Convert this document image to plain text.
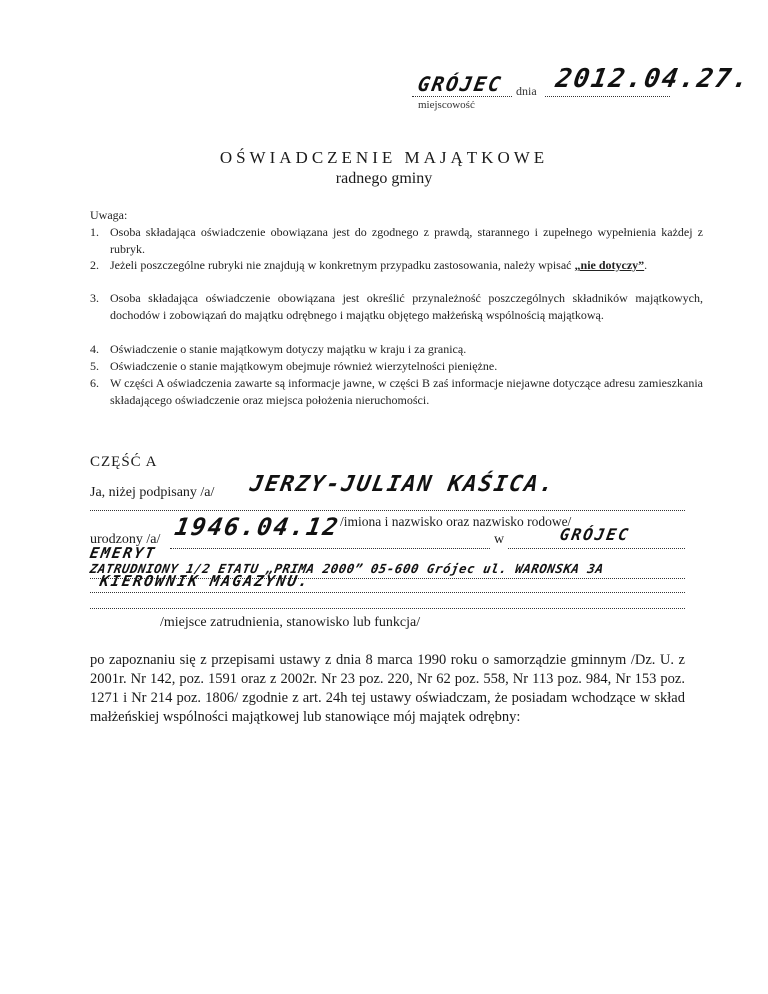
GRÓJEC dnia 2012.04.27.
miejscowość
OŚWIADCZENIE MAJĄTKOWE
radnego gminy
Uwaga:
1. Osoba składająca oświadczenie obowiązana jest do zgodnego z prawdą, starannego i zupełnego wypełnienia każdej z rubryk.
2. Jeżeli poszczególne rubryki nie znajdują w konkretnym przypadku zastosowania, należy wpisać „nie dotyczy”.
3. Osoba składająca oświadczenie obowiązana jest określić przynależność poszczególnych składników majątkowych, dochodów i zobowiązań do majątku odrębnego i majątku objętego małżeńską wspólnością majątkową.
4. Oświadczenie o stanie majątkowym dotyczy majątku w kraju i za granicą.
5. Oświadczenie o stanie majątkowym obejmuje również wierzytelności pieniężne.
6. W części A oświadczenia zawarte są informacje jawne, w części B zaś informacje niejawne dotyczące adresu zamieszkania składającego oświadczenie oraz miejsca położenia nieruchomości.
CZĘŚĆ A
Ja, niżej podpisany /a/ JERZY-JULIAN KAŚICA.
/imiona i nazwisko oraz nazwisko rodowe/
urodzony /a/ 1946.04.12	w	GRÓJEC
EMERYT
ZATRUDNIONY 1/2 ETATU „PRIMA 2000” 05-600 Grójec ul. WARONSKA 3A
KIEROWNIK MAGAZYNU.
/miejsce zatrudnienia, stanowisko lub funkcja/
po zapoznaniu się z przepisami ustawy z dnia 8 marca 1990 roku o samorządzie gminnym /Dz. U. z 2001r. Nr 142, poz. 1591 oraz z 2002r. Nr 23 poz. 220, Nr 62 poz. 558, Nr 113 poz. 984, Nr 153 poz. 1271 i Nr 214 poz. 1806/ zgodnie z art. 24h tej ustawy oświadczam, że posiadam wchodzące w skład małżeńskiej wspólności majątkowej lub stanowiące mój majątek odrębny:
